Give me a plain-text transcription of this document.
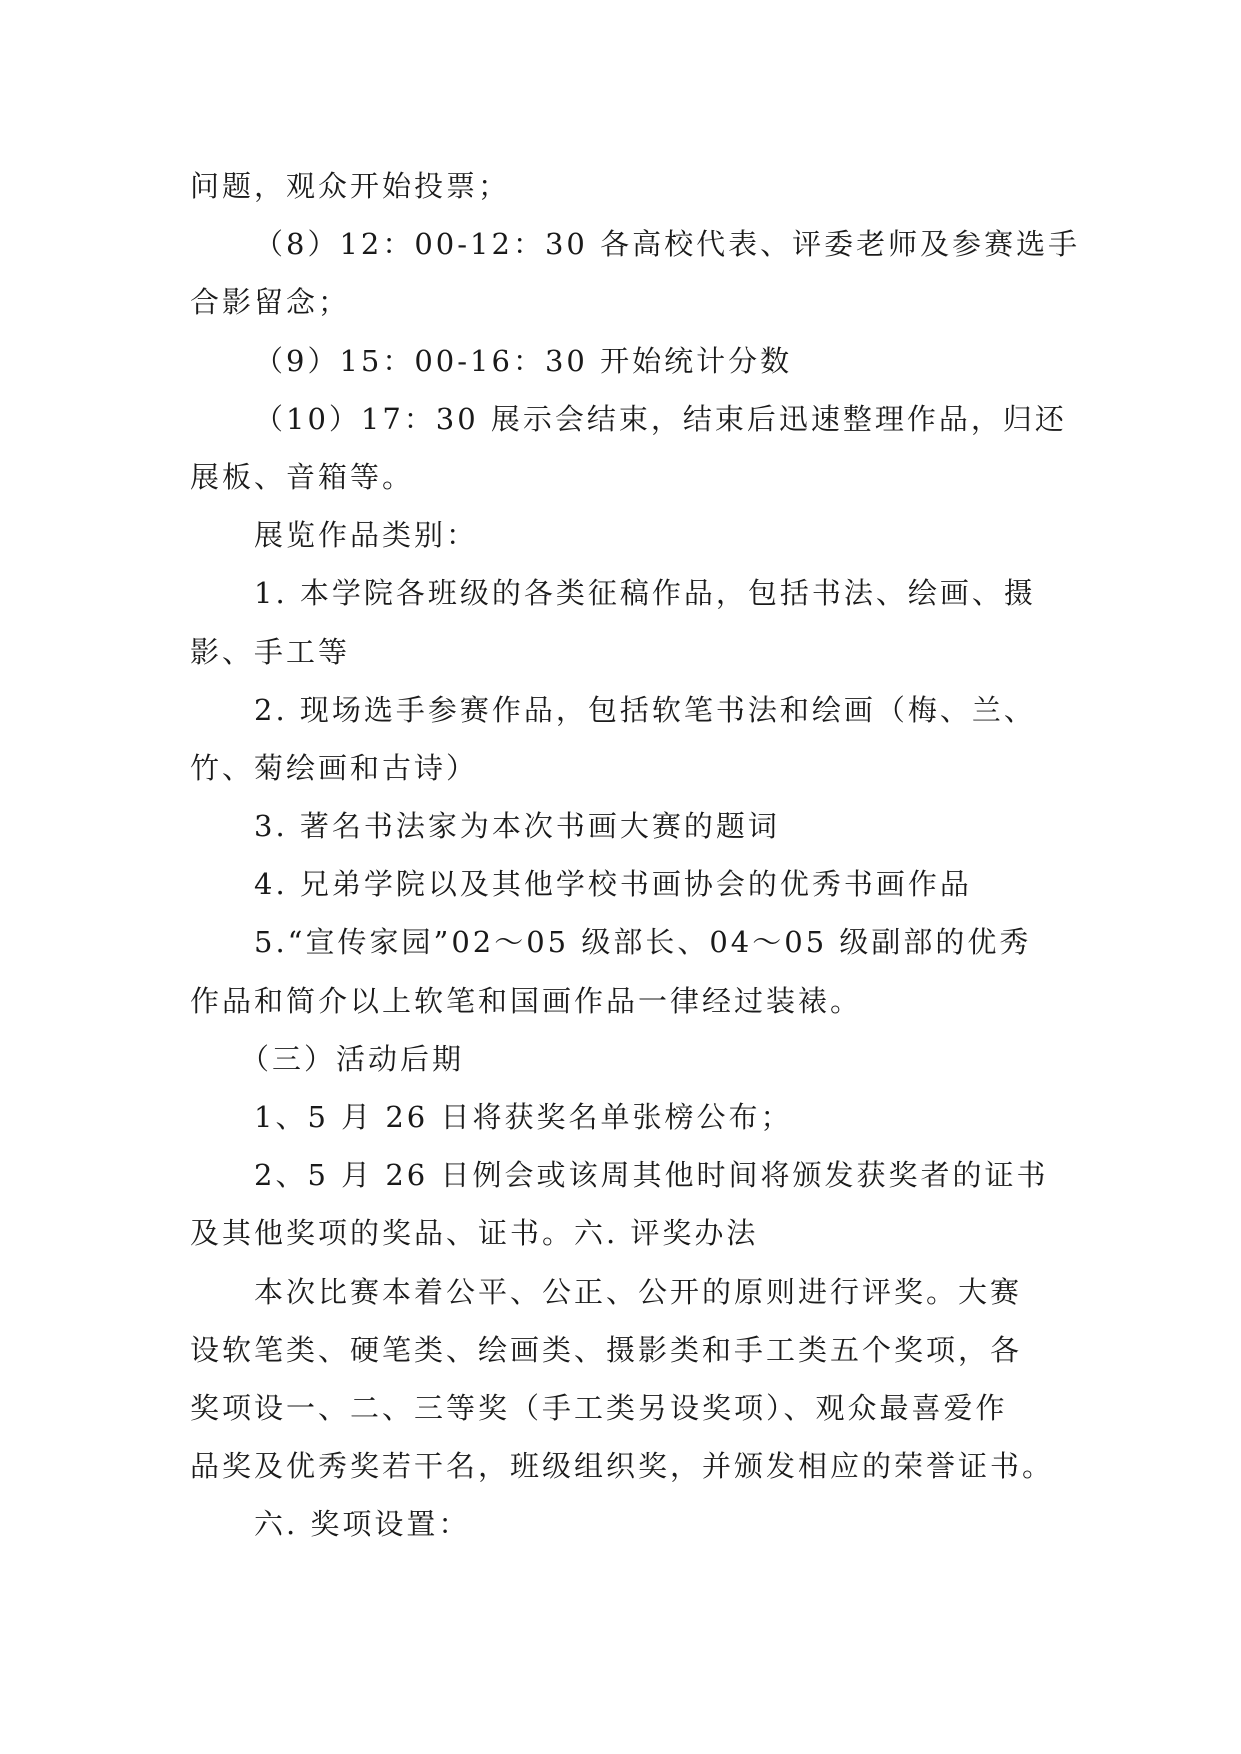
问题，观众开始投票；
（8）12：00-12：30 各高校代表、评委老师及参赛选手
合影留念；
（9）15：00-16：30 开始统计分数
（10）17：30 展示会结束，结束后迅速整理作品，归还
展板、音箱等。
展览作品类别：
1. 本学院各班级的各类征稿作品，包括书法、绘画、摄
影、手工等
2. 现场选手参赛作品，包括软笔书法和绘画（梅、兰、
竹、菊绘画和古诗）
3. 著名书法家为本次书画大赛的题词
4. 兄弟学院以及其他学校书画协会的优秀书画作品
5.“宣传家园”02～05 级部长、04～05 级副部的优秀
作品和简介以上软笔和国画作品一律经过装裱。
（三）活动后期
1、5 月 26 日将获奖名单张榜公布；
2、5 月 26 日例会或该周其他时间将颁发获奖者的证书
及其他奖项的奖品、证书。六. 评奖办法
本次比赛本着公平、公正、公开的原则进行评奖。大赛
设软笔类、硬笔类、绘画类、摄影类和手工类五个奖项，各
奖项设一、二、三等奖（手工类另设奖项）、观众最喜爱作
品奖及优秀奖若干名，班级组织奖，并颁发相应的荣誉证书。
六. 奖项设置：
